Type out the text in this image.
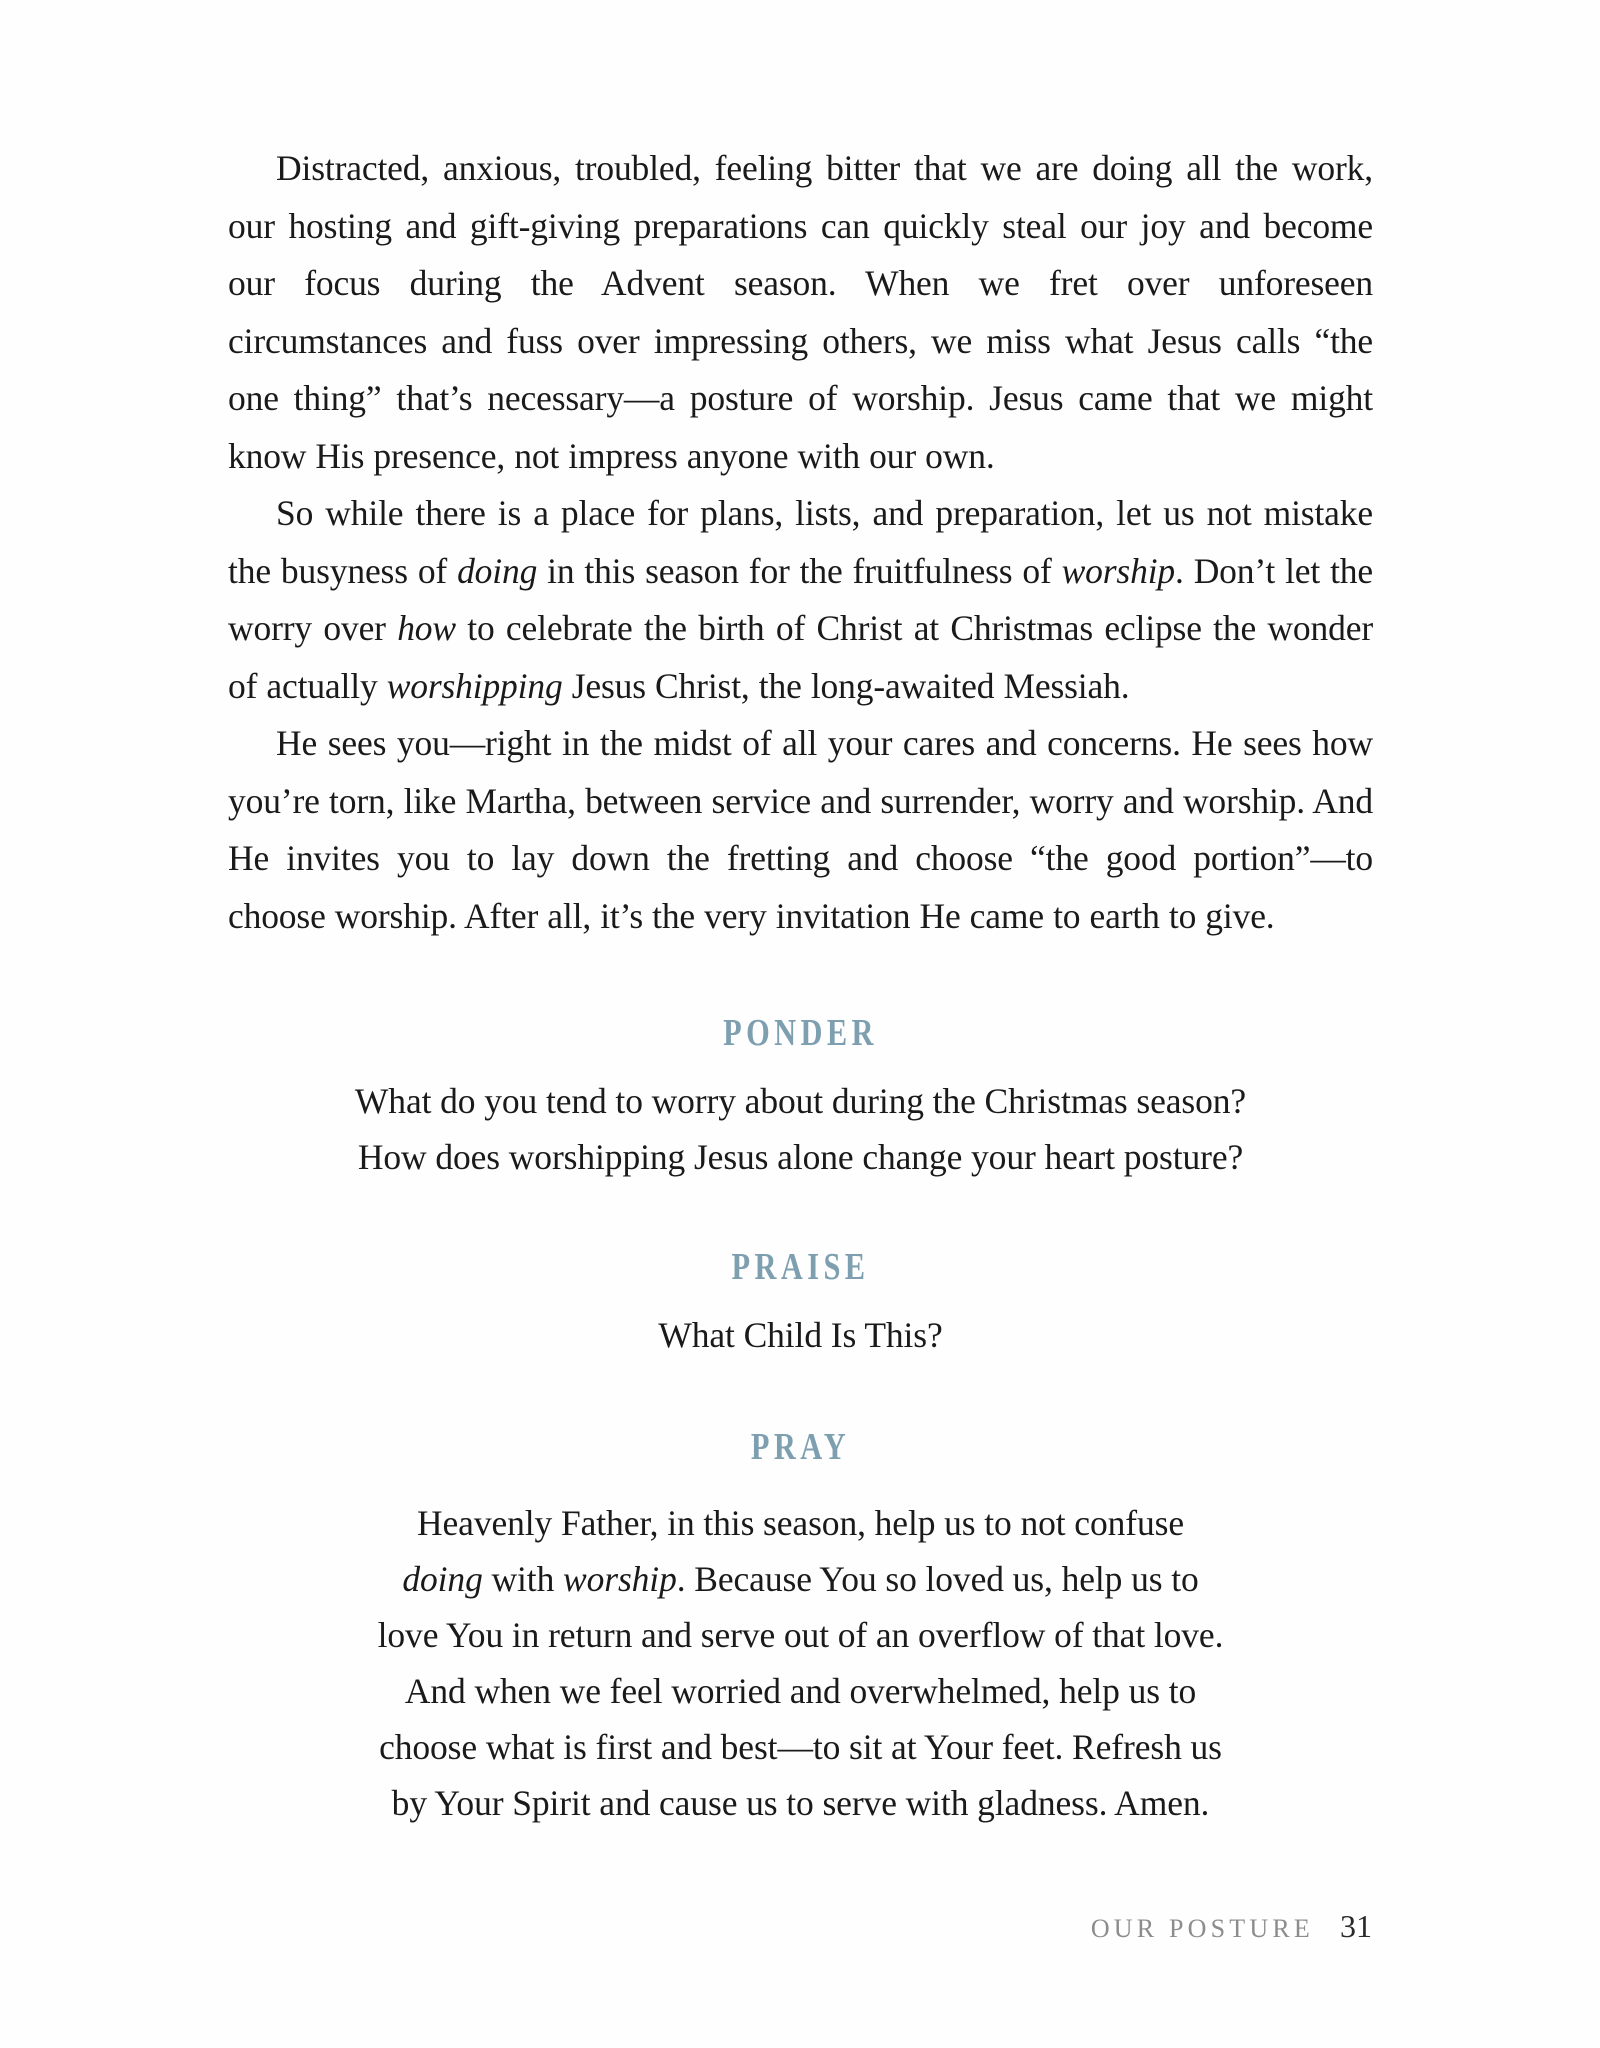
Distracted, anxious, troubled, feeling bitter that we are doing all the work, our hosting and gift-giving preparations can quickly steal our joy and become our focus during the Advent season. When we fret over unforeseen circumstances and fuss over impressing others, we miss what Jesus calls “the one thing” that’s necessary—a posture of worship. Jesus came that we might know His presence, not impress anyone with our own.

So while there is a place for plans, lists, and preparation, let us not mistake the busyness of doing in this season for the fruitfulness of worship. Don’t let the worry over how to celebrate the birth of Christ at Christmas eclipse the wonder of actually worshipping Jesus Christ, the long-awaited Messiah.

He sees you—right in the midst of all your cares and concerns. He sees how you’re torn, like Martha, between service and surrender, worry and worship. And He invites you to lay down the fretting and choose “the good portion”—to choose worship. After all, it’s the very invitation He came to earth to give.

PONDER
What do you tend to worry about during the Christmas season?
How does worshipping Jesus alone change your heart posture?
PRAISE
What Child Is This?
PRAY
Heavenly Father, in this season, help us to not confuse
doing with worship. Because You so loved us, help us to
love You in return and serve out of an overflow of that love.
And when we feel worried and overwhelmed, help us to
choose what is first and best—to sit at Your feet. Refresh us
by Your Spirit and cause us to serve with gladness. Amen.
OUR POSTURE 31
